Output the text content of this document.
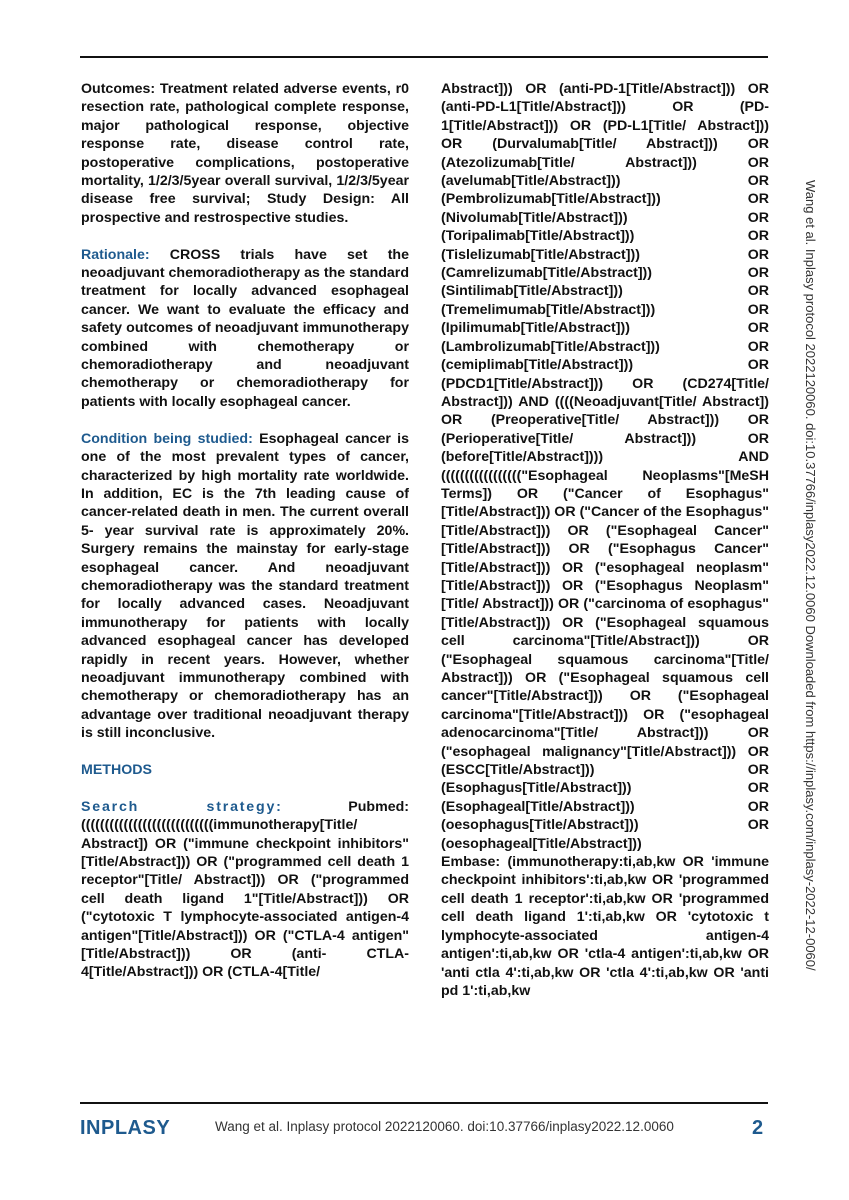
Outcomes: Treatment related adverse events, r0 resection rate, pathological complete response, major pathological response, objective response rate, disease control rate, postoperative complications, postoperative mortality, 1/2/3/5year overall survival, 1/2/3/5year disease free survival; Study Design: All prospective and restrospective studies.

Rationale: CROSS trials have set the neoadjuvant chemoradiotherapy as the standard treatment for locally advanced esophageal cancer. We want to evaluate the efficacy and safety outcomes of neoadjuvant immunotherapy combined with chemotherapy or chemoradiotherapy and neoadjuvant chemotherapy or chemoradiotherapy for patients with locally esophageal cancer.

Condition being studied: Esophageal cancer is one of the most prevalent types of cancer, characterized by high mortality rate worldwide. In addition, EC is the 7th leading cause of cancer-related death in men. The current overall 5- year survival rate is approximately 20%. Surgery remains the mainstay for early-stage esophageal cancer. And neoadjuvant chemoradiotherapy was the standard treatment for locally advanced cases. Neoadjuvant immunotherapy for patients with locally advanced esophageal cancer has developed rapidly in recent years. However, whether neoadjuvant immunotherapy combined with chemotherapy or chemoradiotherapy has an advantage over traditional neoadjuvant therapy is still inconclusive.

METHODS

Search strategy:	Pubmed: ((((((((((((((((((((((((((((immunotherapy[Title/ Abstract]) OR ("immune checkpoint inhibitors"[Title/Abstract])) OR ("programmed cell death 1 receptor"[Title/ Abstract])) OR ("programmed cell death ligand 1"[Title/Abstract])) OR ("cytotoxic T lymphocyte-associated antigen-4 antigen"[Title/Abstract])) OR ("CTLA-4 antigen"[Title/Abstract])) OR (anti- CTLA-4[Title/Abstract])) OR (CTLA-4[Title/

Abstract])) OR (anti-PD-1[Title/Abstract])) OR (anti-PD-L1[Title/Abstract])) OR (PD-1[Title/Abstract])) OR (PD-L1[Title/ Abstract])) OR (Durvalumab[Title/ Abstract])) OR (Atezolizumab[Title/ Abstract])) OR (avelumab[Title/Abstract])) OR (Pembrolizumab[Title/Abstract])) OR (Nivolumab[Title/Abstract])) OR (Toripalimab[Title/Abstract])) OR (Tislelizumab[Title/Abstract])) OR (Camrelizumab[Title/Abstract])) OR (Sintilimab[Title/Abstract])) OR (Tremelimumab[Title/Abstract])) OR (Ipilimumab[Title/Abstract])) OR (Lambrolizumab[Title/Abstract])) OR (cemiplimab[Title/Abstract])) OR (PDCD1[Title/Abstract])) OR (CD274[Title/ Abstract])) AND ((((Neoadjuvant[Title/ Abstract]) OR (Preoperative[Title/ Abstract])) OR (Perioperative[Title/ Abstract])) OR (before[Title/Abstract]))) AND ((((((((((((((((("Esophageal Neoplasms"[MeSH Terms]) OR ("Cancer of Esophagus"[Title/Abstract])) OR ("Cancer of the Esophagus"[Title/Abstract])) OR ("Esophageal Cancer"[Title/Abstract])) OR ("Esophagus Cancer"[Title/Abstract])) OR ("esophageal neoplasm"[Title/Abstract])) OR ("Esophagus Neoplasm"[Title/ Abstract])) OR ("carcinoma of esophagus"[Title/Abstract])) OR ("Esophageal squamous cell carcinoma"[Title/Abstract])) OR ("Esophageal squamous carcinoma"[Title/ Abstract])) OR ("Esophageal squamous cell cancer"[Title/Abstract])) OR ("Esophageal carcinoma"[Title/Abstract])) OR ("esophageal adenocarcinoma"[Title/ Abstract])) OR ("esophageal malignancy"[Title/Abstract])) OR (ESCC[Title/Abstract])) OR (Esophagus[Title/Abstract])) OR (Esophageal[Title/Abstract])) OR (oesophagus[Title/Abstract])) OR (oesophageal[Title/Abstract]))

Embase: (immunotherapy:ti,ab,kw OR 'immune checkpoint inhibitors':ti,ab,kw OR 'programmed cell death 1 receptor':ti,ab,kw OR 'programmed cell death ligand 1':ti,ab,kw OR 'cytotoxic t lymphocyte-associated antigen-4 antigen':ti,ab,kw OR 'ctla-4 antigen':ti,ab,kw OR 'anti ctla 4':ti,ab,kw OR 'ctla 4':ti,ab,kw OR 'anti pd 1':ti,ab,kw

Wang et al. Inplasy protocol 2022120060. doi:10.37766/inplasy2022.12.0060 Downloaded from https://inplasy.com/inplasy-2022-12-0060/
INPLASY	Wang et al. Inplasy protocol 2022120060. doi:10.37766/inplasy2022.12.0060	2
